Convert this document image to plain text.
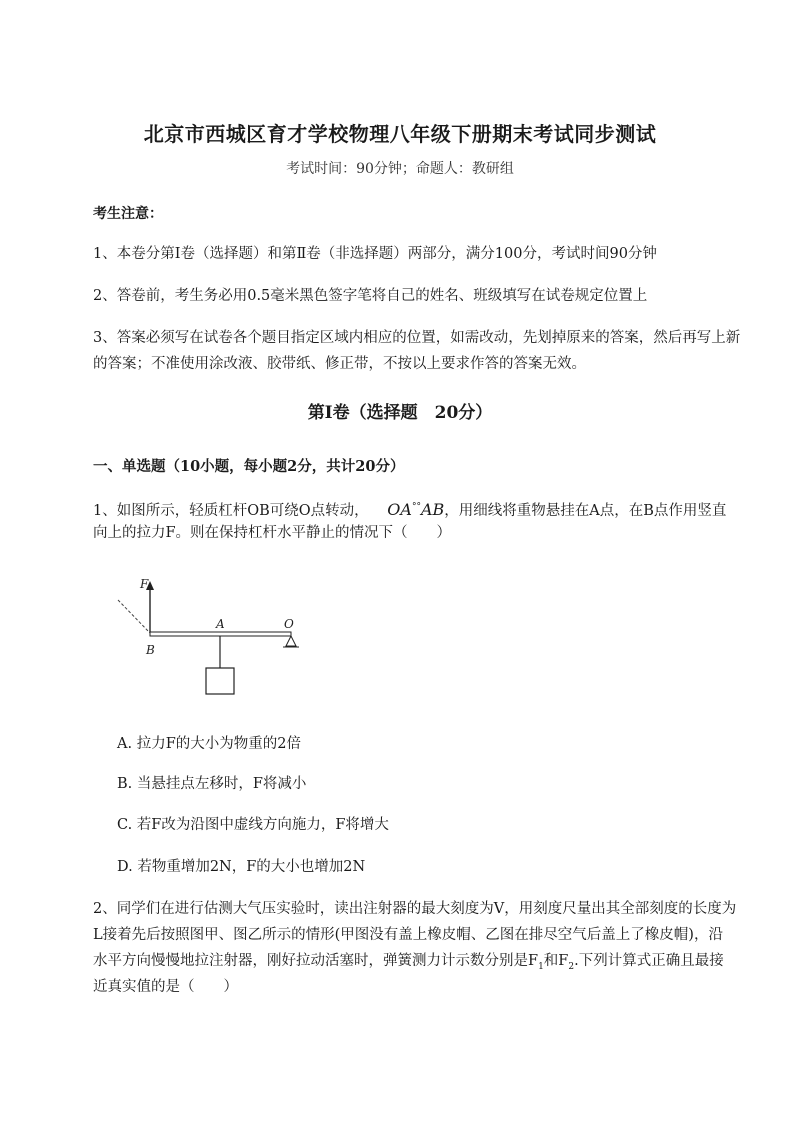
北京市西城区育才学校物理八年级下册期末考试同步测试
考试时间：90分钟；命题人：教研组
考生注意：
1、本卷分第I卷（选择题）和第Ⅱ卷（非选择题）两部分，满分100分，考试时间90分钟
2、答卷前，考生务必用0.5毫米黑色签字笔将自己的姓名、班级填写在试卷规定位置上
3、答案必须写在试卷各个题目指定区域内相应的位置，如需改动，先划掉原来的答案，然后再写上新
的答案；不准使用涂改液、胶带纸、修正带，不按以上要求作答的答案无效。
第I卷（选择题　20分）
一、单选题（10小题，每小题2分，共计20分）
1、如图所示，轻质杠杆OB可绕O点转动， OA°°AB，用细线将重物悬挂在A点，在B点作用竖直
向上的拉力F。则在保持杠杆水平静止的情况下（　　）
F
A	O
B
A. 拉力F的大小为物重的2倍
B. 当悬挂点左移时，F将减小
C. 若F改为沿图中虚线方向施力，F将增大
D. 若物重增加2N，F的大小也增加2N
2、同学们在进行估测大气压实验时，读出注射器的最大刻度为V，用刻度尺量出其全部刻度的长度为
L接着先后按照图甲、图乙所示的情形(甲图没有盖上橡皮帽、乙图在排尽空气后盖上了橡皮帽)，沿
水平方向慢慢地拉注射器，刚好拉动活塞时，弹簧测力计示数分别是$F_1$和$F_2$.下列计算式正确且最接
近真实值的是（　　）
